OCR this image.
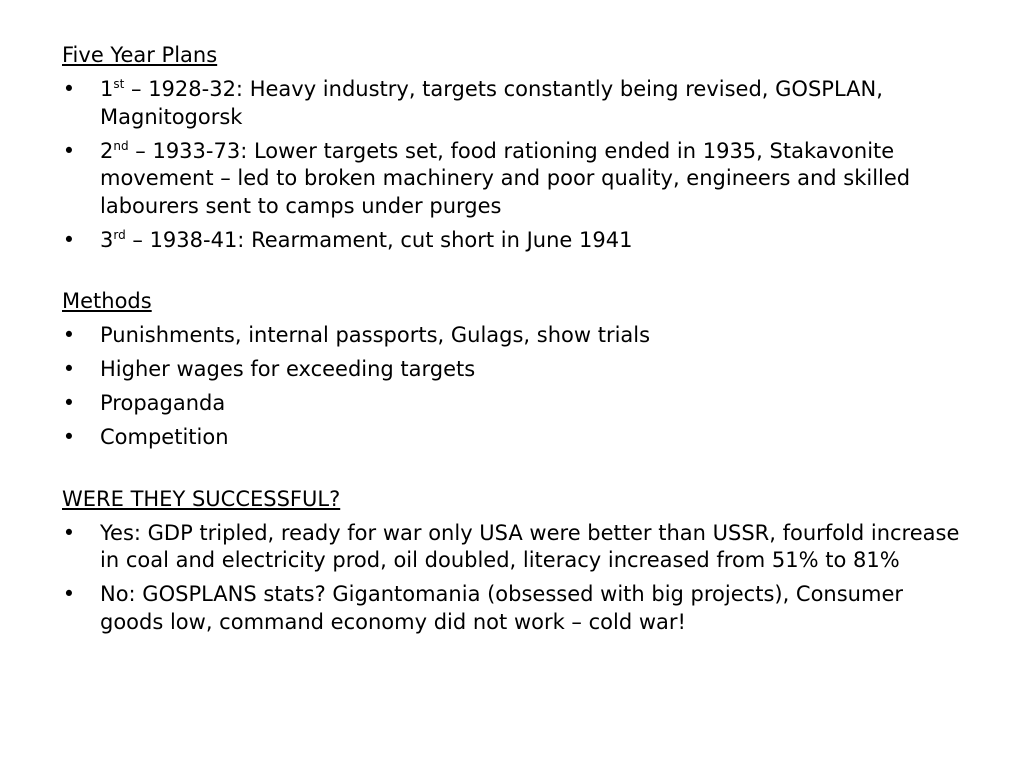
Five Year Plans

• 1st – 1928-32: Heavy industry, targets constantly being revised, GOSPLAN, Magnitogorsk
• 2nd – 1933-73: Lower targets set, food rationing ended in 1935, Stakavonite movement – led to broken machinery and poor quality, engineers and skilled labourers sent to camps under purges
• 3rd – 1938-41: Rearmament, cut short in June 1941

Methods

• Punishments, internal passports, Gulags, show trials
• Higher wages for exceeding targets
• Propaganda
• Competition

WERE THEY SUCCESSFUL?

• Yes: GDP tripled, ready for war only USA were better than USSR, fourfold increase in coal and electricity prod, oil doubled, literacy increased from 51% to 81%
• No: GOSPLANS stats? Gigantomania (obsessed with big projects), Consumer goods low, command economy did not work – cold war!
